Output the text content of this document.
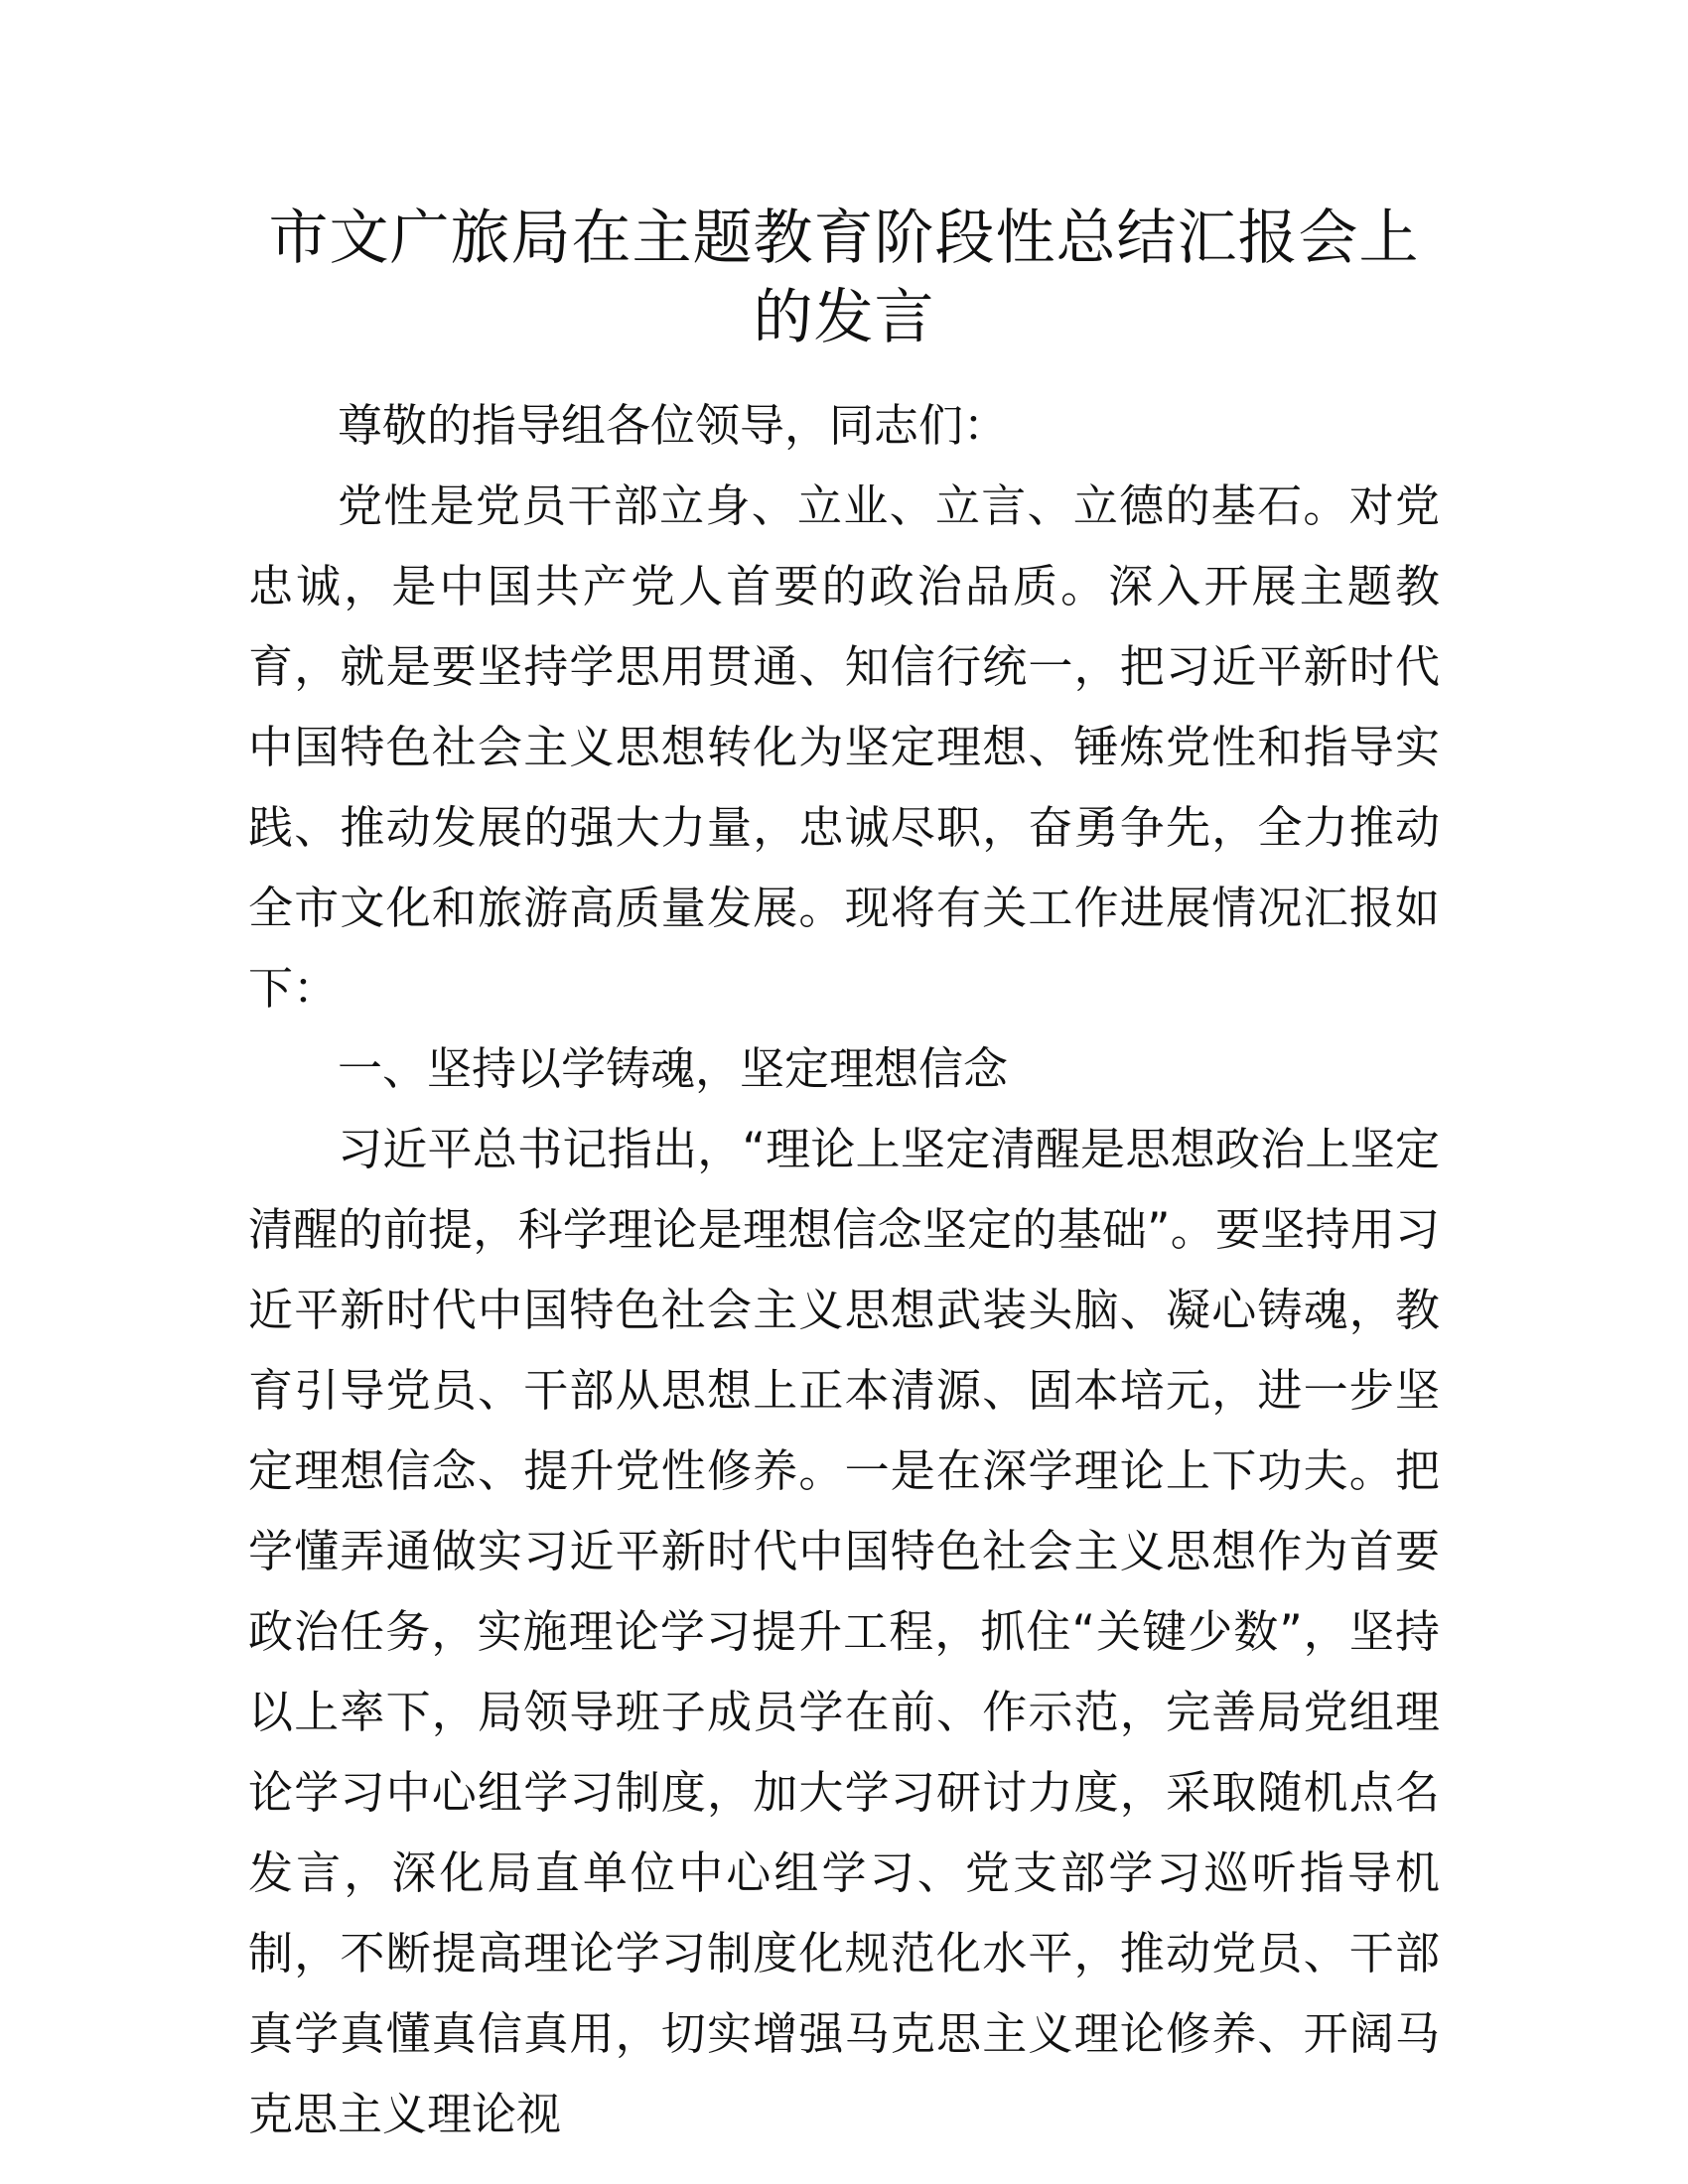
市文广旅局在主题教育阶段性总结汇报会上的发言

尊敬的指导组各位领导，同志们：

党性是党员干部立身、立业、立言、立德的基石。对党忠诚，是中国共产党人首要的政治品质。深入开展主题教育，就是要坚持学思用贯通、知信行统一，把习近平新时代中国特色社会主义思想转化为坚定理想、锤炼党性和指导实践、推动发展的强大力量，忠诚尽职，奋勇争先，全力推动全市文化和旅游高质量发展。现将有关工作进展情况汇报如下：

一、坚持以学铸魂，坚定理想信念

习近平总书记指出，“理论上坚定清醒是思想政治上坚定清醒的前提，科学理论是理想信念坚定的基础”。要坚持用习近平新时代中国特色社会主义思想武装头脑、凝心铸魂，教育引导党员、干部从思想上正本清源、固本培元，进一步坚定理想信念、提升党性修养。一是在深学理论上下功夫。把学懂弄通做实习近平新时代中国特色社会主义思想作为首要政治任务，实施理论学习提升工程，抓住“关键少数”，坚持以上率下，局领导班子成员学在前、作示范，完善局党组理论学习中心组学习制度，加大学习研讨力度，采取随机点名发言，深化局直单位中心组学习、党支部学习巡听指导机制，不断提高理论学习制度化规范化水平，推动党员、干部真学真懂真信真用，切实增强马克思主义理论修养、开阔马克思主义理论视
